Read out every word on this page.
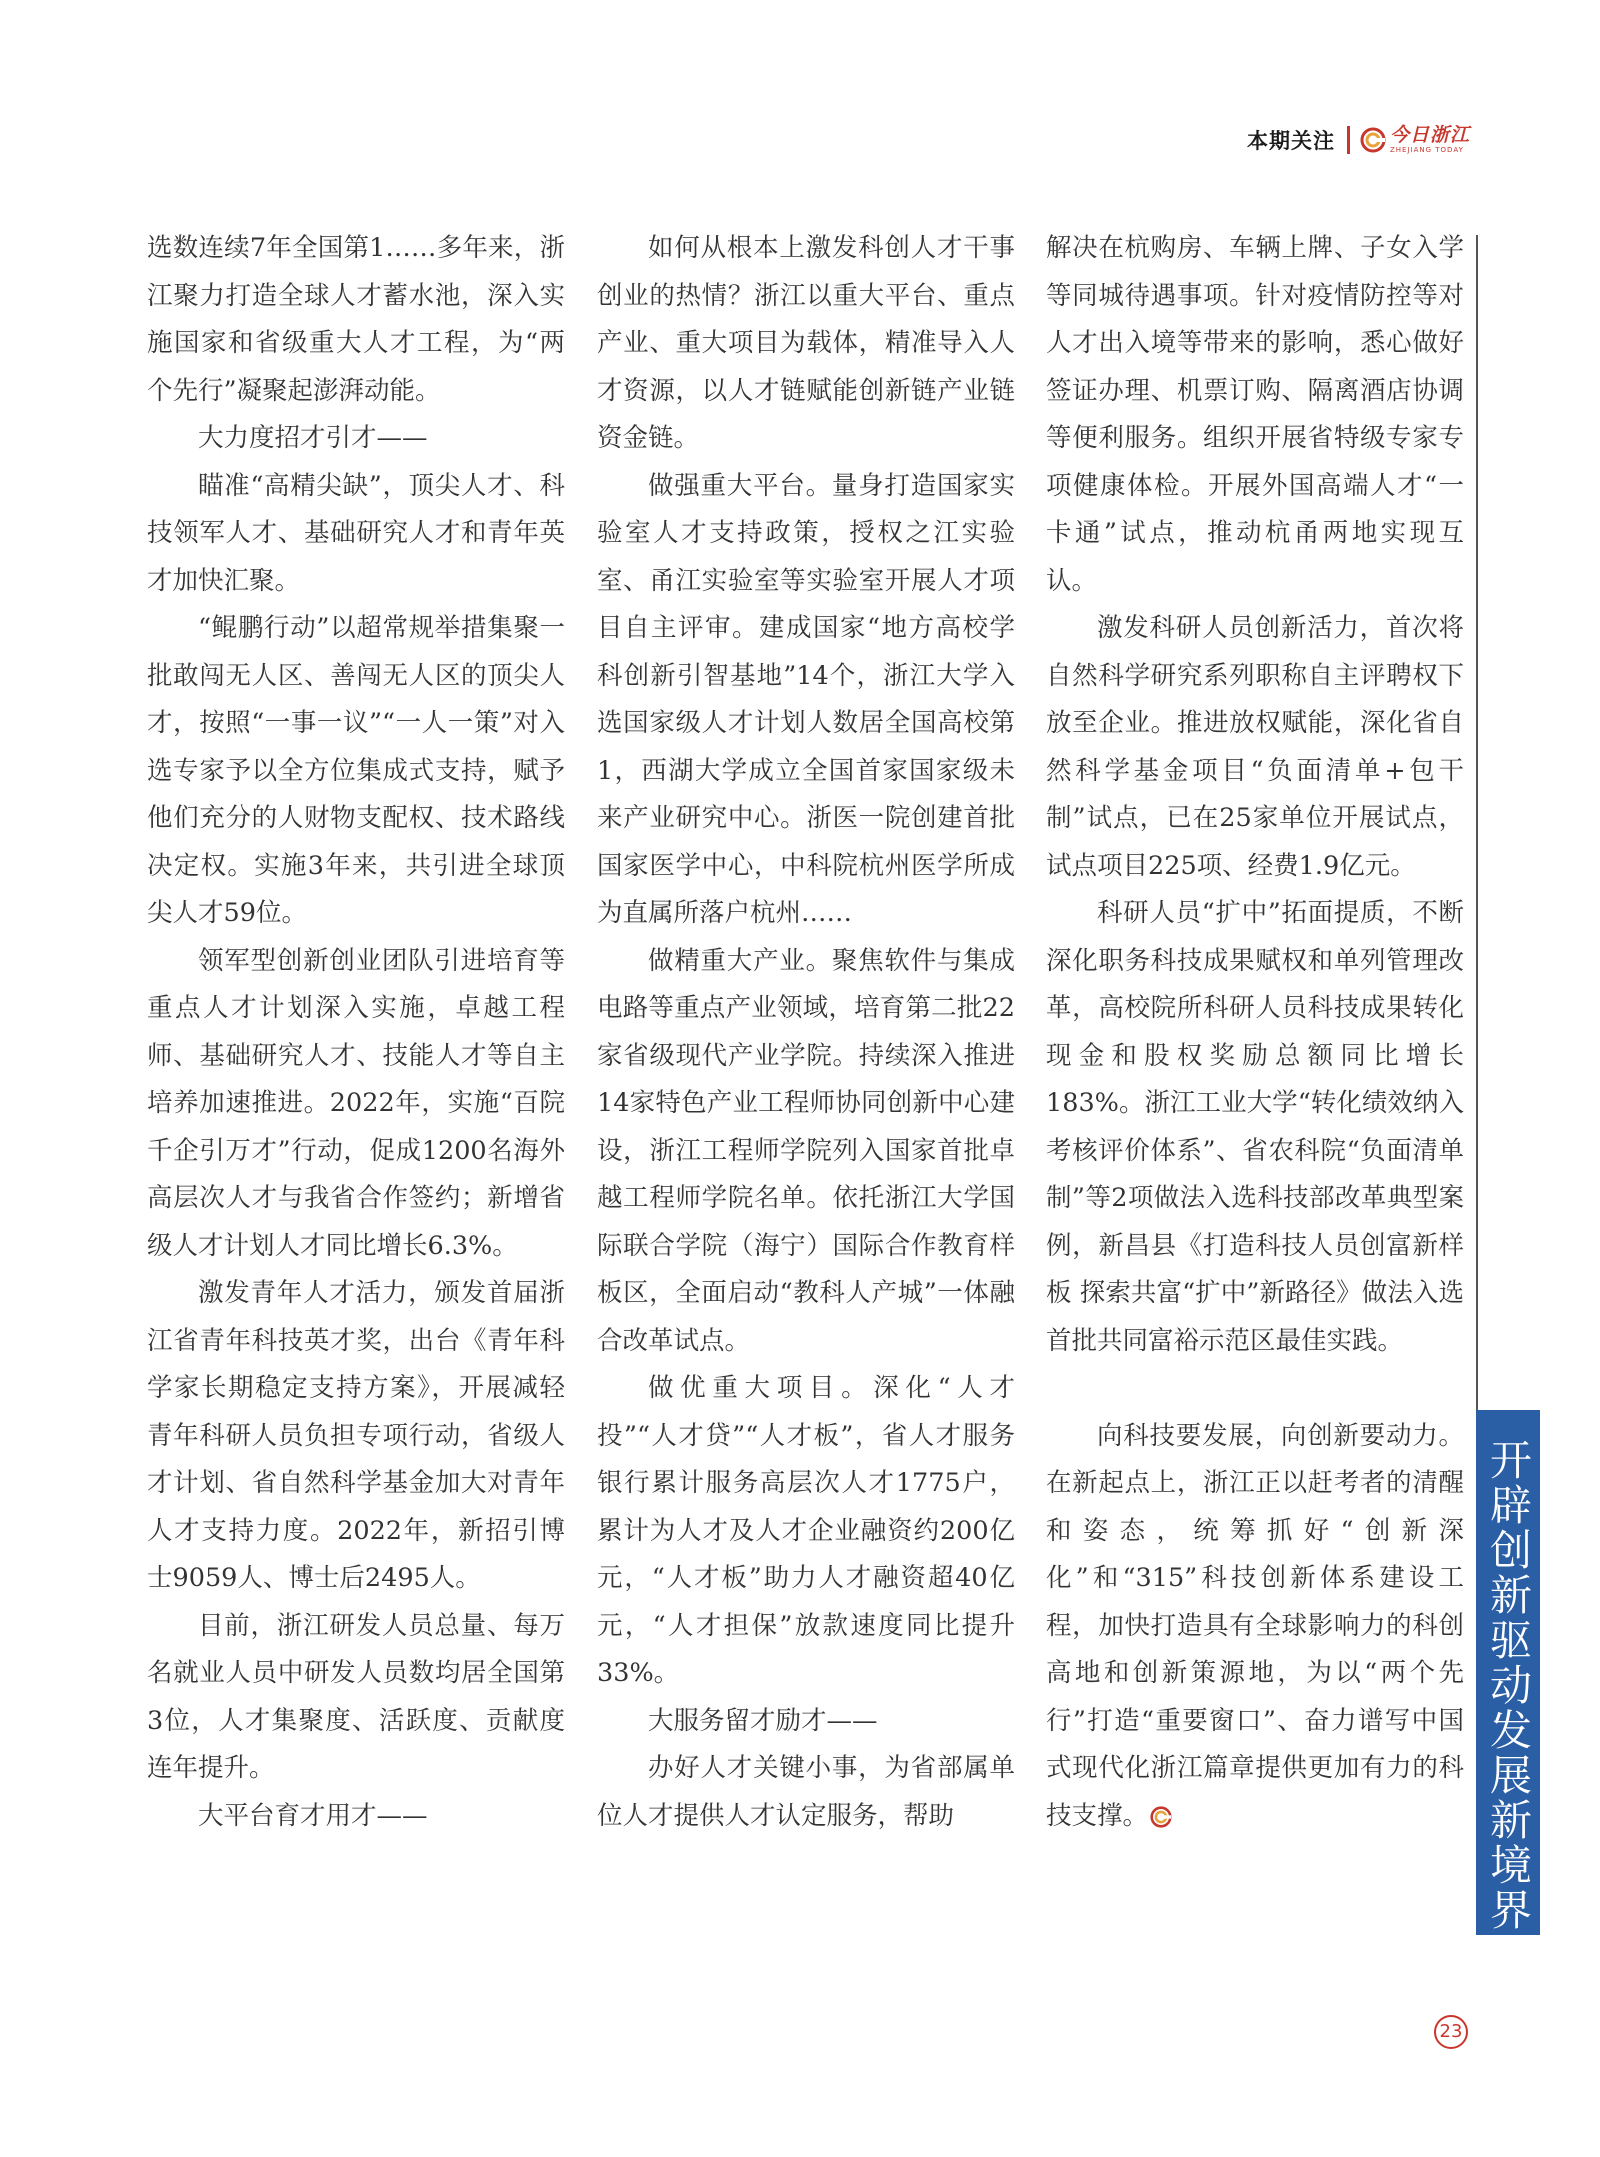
本期关注	今日浙江
ZHEJIANG TODAY

选数连续7年全国第1……多年来，浙江聚力打造全球人才蓄水池，深入实施国家和省级重大人才工程，为“两个先行”凝聚起澎湃动能。

大力度招才引才——

瞄准“高精尖缺”，顶尖人才、科技领军人才、基础研究人才和青年英才加快汇聚。

“鲲鹏行动”以超常规举措集聚一批敢闯无人区、善闯无人区的顶尖人才，按照“一事一议”“一人一策”对入选专家予以全方位集成式支持，赋予他们充分的人财物支配权、技术路线决定权。实施3年来，共引进全球顶尖人才59位。

领军型创新创业团队引进培育等重点人才计划深入实施，卓越工程师、基础研究人才、技能人才等自主培养加速推进。2022年，实施“百院千企引万才”行动，促成1200名海外高层次人才与我省合作签约；新增省级人才计划人才同比增长6.3%。

激发青年人才活力，颁发首届浙江省青年科技英才奖，出台《青年科学家长期稳定支持方案》，开展减轻青年科研人员负担专项行动，省级人才计划、省自然科学基金加大对青年人才支持力度。2022年，新招引博士9059人、博士后2495人。

目前，浙江研发人员总量、每万名就业人员中研发人员数均居全国第3位，人才集聚度、活跃度、贡献度连年提升。

大平台育才用才——

如何从根本上激发科创人才干事创业的热情？浙江以重大平台、重点产业、重大项目为载体，精准导入人才资源，以人才链赋能创新链产业链资金链。

做强重大平台。量身打造国家实验室人才支持政策，授权之江实验室、甬江实验室等实验室开展人才项目自主评审。建成国家“地方高校学科创新引智基地”14个，浙江大学入选国家级人才计划人数居全国高校第1，西湖大学成立全国首家国家级未来产业研究中心。浙医一院创建首批国家医学中心，中科院杭州医学所成为直属所落户杭州……

做精重大产业。聚焦软件与集成电路等重点产业领域，培育第二批22家省级现代产业学院。持续深入推进14家特色产业工程师协同创新中心建设，浙江工程师学院列入国家首批卓越工程师学院名单。依托浙江大学国际联合学院（海宁）国际合作教育样板区，全面启动“教科人产城”一体融合改革试点。

做优重大项目。深化“人才投”“人才贷”“人才板”，省人才服务银行累计服务高层次人才1775户，累计为人才及人才企业融资约200亿元，“人才板”助力人才融资超40亿元，“人才担保”放款速度同比提升33%。

大服务留才励才——

办好人才关键小事，为省部属单位人才提供人才认定服务，帮助

解决在杭购房、车辆上牌、子女入学等同城待遇事项。针对疫情防控等对人才出入境等带来的影响，悉心做好签证办理、机票订购、隔离酒店协调等便利服务。组织开展省特级专家专项健康体检。开展外国高端人才“一卡通”试点，推动杭甬两地实现互认。

激发科研人员创新活力，首次将自然科学研究系列职称自主评聘权下放至企业。推进放权赋能，深化省自然科学基金项目“负面清单+包干制”试点，已在25家单位开展试点，试点项目225项、经费1.9亿元。

科研人员“扩中”拓面提质，不断深化职务科技成果赋权和单列管理改革，高校院所科研人员科技成果转化现金和股权奖励总额同比增长183%。浙江工业大学“转化绩效纳入考核评价体系”、省农科院“负面清单制”等2项做法入选科技部改革典型案例，新昌县《打造科技人员创富新样板 探索共富“扩中”新路径》做法入选首批共同富裕示范区最佳实践。

向科技要发展，向创新要动力。在新起点上，浙江正以赶考者的清醒和姿态，统筹抓好“创新深化”和“315”科技创新体系建设工程，加快打造具有全球影响力的科创高地和创新策源地，为以“两个先行”打造“重要窗口”、奋力谱写中国式现代化浙江篇章提供更加有力的科技支撑。	开辟创新驱动发展新境界
23
